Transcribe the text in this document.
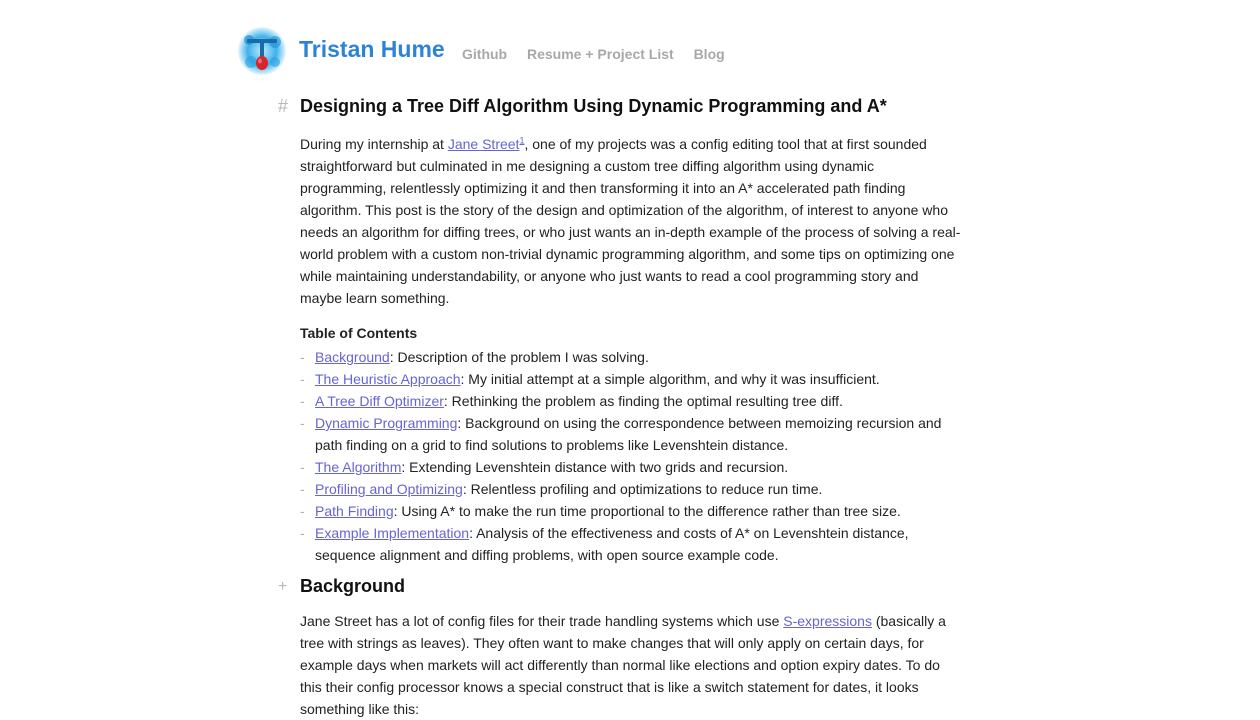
Tristan Hume Github Resume + Project List Blog
# Designing a Tree Diff Algorithm Using Dynamic Programming and A*

During my internship at Jane Street$^1$, one of my projects was a config editing tool that at first sounded straightforward but culminated in me designing a custom tree diffing algorithm using dynamic programming, relentlessly optimizing it and then transforming it into an A* accelerated path finding algorithm. This post is the story of the design and optimization of the algorithm, of interest to anyone who needs an algorithm for diffing trees, or who just wants an in-depth example of the process of solving a real-world problem with a custom non-trivial dynamic programming algorithm, and some tips on optimizing one while maintaining understandability, or anyone who just wants to read a cool programming story and maybe learn something.

Table of Contents
- Background: Description of the problem I was solving.
- The Heuristic Approach: My initial attempt at a simple algorithm, and why it was insufficient.
- A Tree Diff Optimizer: Rethinking the problem as finding the optimal resulting tree diff.
- Dynamic Programming: Background on using the correspondence between memoizing recursion and path finding on a grid to find solutions to problems like Levenshtein distance.
- The Algorithm: Extending Levenshtein distance with two grids and recursion.
- Profiling and Optimizing: Relentless profiling and optimizations to reduce run time.
- Path Finding: Using A* to make the run time proportional to the difference rather than tree size.
- Example Implementation: Analysis of the effectiveness and costs of A* on Levenshtein distance, sequence alignment and diffing problems, with open source example code.
+ Background

Jane Street has a lot of config files for their trade handling systems which use S-expressions (basically a tree with strings as leaves). They often want to make changes that will only apply on certain days, for example days when markets will act differently than normal like elections and option expiry dates. To do this their config processor knows a special construct that is like a switch statement for dates, it looks something like this:
